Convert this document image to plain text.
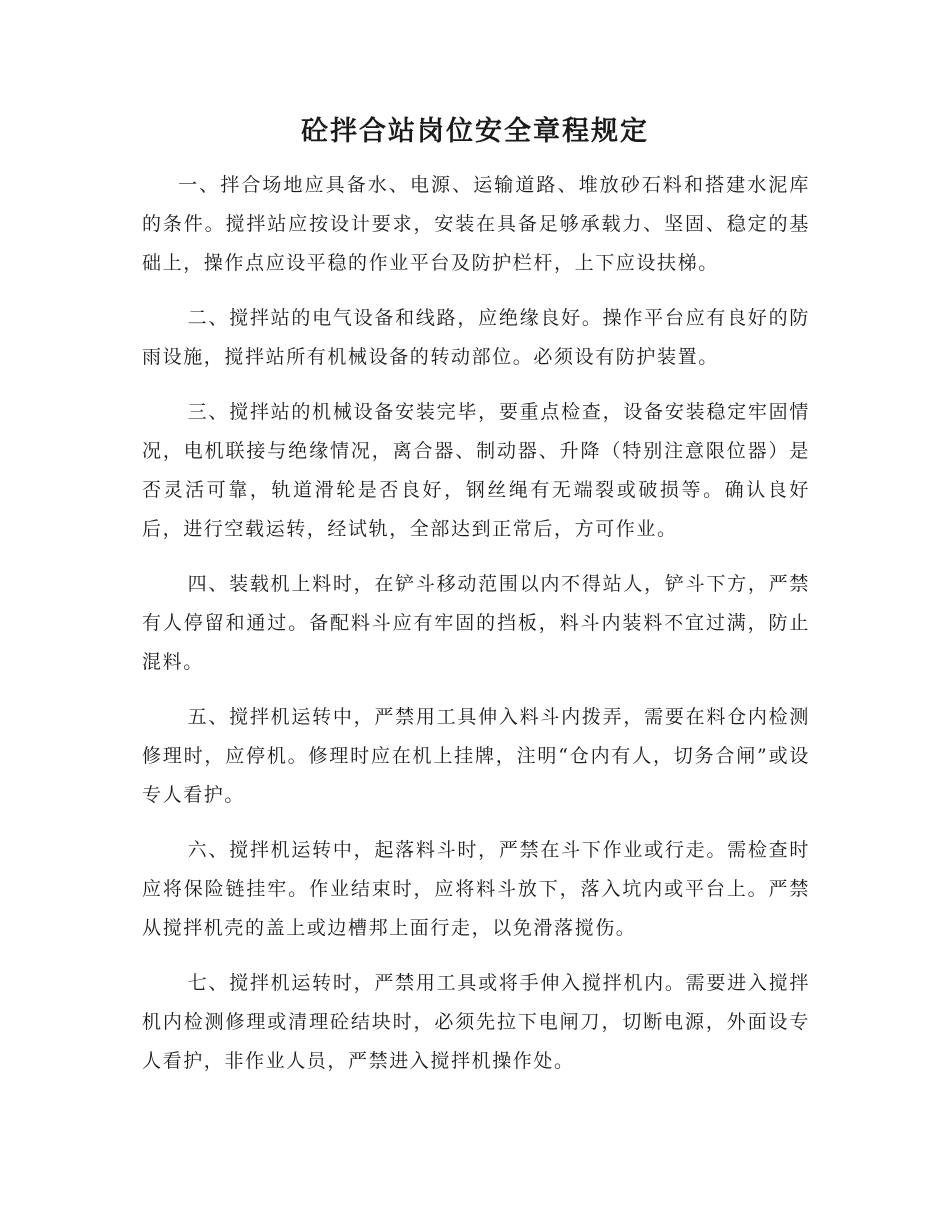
砼拌合站岗位安全章程规定

一、拌合场地应具备水、电源、运输道路、堆放砂石料和搭建水泥库的条件。搅拌站应按设计要求，安装在具备足够承载力、坚固、稳定的基础上，操作点应设平稳的作业平台及防护栏杆，上下应设扶梯。

二、搅拌站的电气设备和线路，应绝缘良好。操作平台应有良好的防雨设施，搅拌站所有机械设备的转动部位。必须设有防护装置。

三、搅拌站的机械设备安装完毕，要重点检查，设备安装稳定牢固情况，电机联接与绝缘情况，离合器、制动器、升降（特别注意限位器）是否灵活可靠，轨道滑轮是否良好，钢丝绳有无端裂或破损等。确认良好后，进行空载运转，经试轨，全部达到正常后，方可作业。

四、装载机上料时，在铲斗移动范围以内不得站人，铲斗下方，严禁有人停留和通过。备配料斗应有牢固的挡板，料斗内装料不宜过满，防止混料。

五、搅拌机运转中，严禁用工具伸入料斗内拨弄，需要在料仓内检测修理时，应停机。修理时应在机上挂牌，注明“仓内有人，切务合闸”或设专人看护。

六、搅拌机运转中，起落料斗时，严禁在斗下作业或行走。需检查时应将保险链挂牢。作业结束时，应将料斗放下，落入坑内或平台上。严禁从搅拌机壳的盖上或边槽邦上面行走，以免滑落搅伤。

七、搅拌机运转时，严禁用工具或将手伸入搅拌机内。需要进入搅拌机内检测修理或清理砼结块时，必须先拉下电闸刀，切断电源，外面设专人看护，非作业人员，严禁进入搅拌机操作处。
